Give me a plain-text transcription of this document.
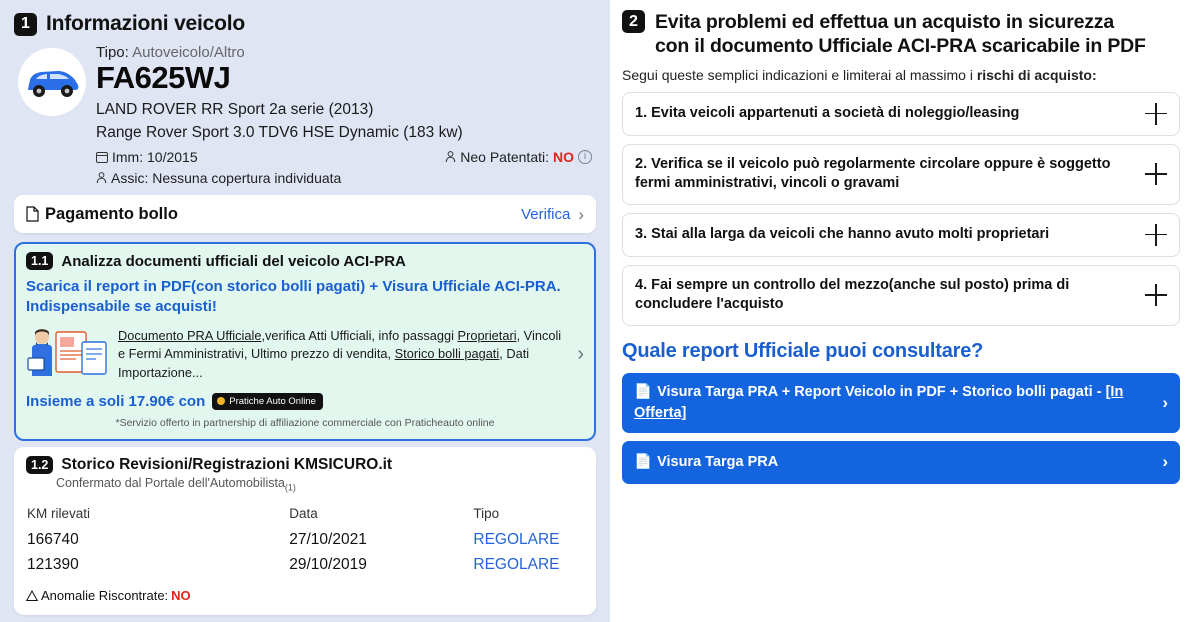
1 Informazioni veicolo
Tipo: Autoveicolo/Altro
FA625WJ
LAND ROVER RR Sport 2a serie (2013)
Range Rover Sport 3.0 TDV6 HSE Dynamic (183 kw)
Imm: 10/2015	Neo Patentati: NO i
Assic: Nessuna copertura individuata
Pagamento bollo	Verifica ›
1.1 Analizza documenti ufficiali del veicolo ACI-PRA
Scarica il report in PDF(con storico bolli pagati) + Visura Ufficiale ACI-PRA.
Indispensabile se acquisti!
Documento PRA Ufficiale,verifica Atti Ufficiali, info passaggi Proprietari, Vincoli e Fermi Amministrativi, Ultimo prezzo di vendita, Storico bolli pagati, Dati Importazione...
›
Insieme a soli 17.90€ con	Pratiche Auto Online
*Servizio offerto in partnership di affiliazione commerciale con Praticheauto online
1.2 Storico Revisioni/Registrazioni KMSICURO.it
Confermato dal Portale dell'Automobilista$_{(1)}$
KM rilevati	Data	Tipo
166740	27/10/2021	REGOLARE
121390	29/10/2019	REGOLARE
Anomalie Riscontrate: NO
2 Evita problemi ed effettua un acquisto in sicurezza
con il documento Ufficiale ACI-PRA scaricabile in PDF
Segui queste semplici indicazioni e limiterai al massimo i rischi di acquisto:
1. Evita veicoli appartenuti a società di noleggio/leasing
2. Verifica se il veicolo può regolarmente circolare oppure è soggetto fermi amministrativi, vincoli o gravami
3. Stai alla larga da veicoli che hanno avuto molti proprietari
4. Fai sempre un controllo del mezzo(anche sul posto) prima di concludere l'acquisto
Quale report Ufficiale puoi consultare?
📄 Visura Targa PRA + Report Veicolo in PDF + Storico bolli pagati - [In Offerta]
›
📄 Visura Targa PRA	›
